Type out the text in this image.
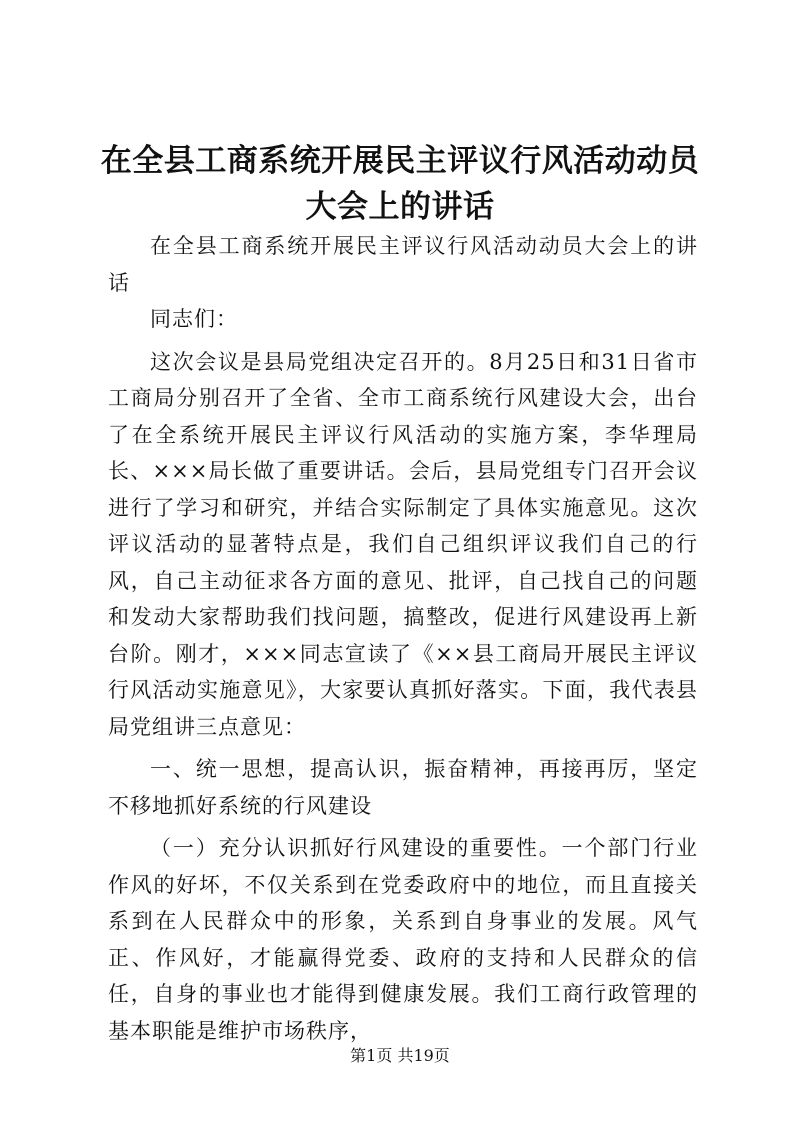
在全县工商系统开展民主评议行风活动动员大会上的讲话

在全县工商系统开展民主评议行风活动动员大会上的讲话

同志们：

这次会议是县局党组决定召开的。8月25日和31日省市工商局分别召开了全省、全市工商系统行风建设大会，出台了在全系统开展民主评议行风活动的实施方案，李华理局长、×××局长做了重要讲话。会后，县局党组专门召开会议进行了学习和研究，并结合实际制定了具体实施意见。这次评议活动的显著特点是，我们自己组织评议我们自己的行风，自己主动征求各方面的意见、批评，自己找自己的问题和发动大家帮助我们找问题，搞整改，促进行风建设再上新台阶。刚才，×××同志宣读了《××县工商局开展民主评议行风活动实施意见》，大家要认真抓好落实。下面，我代表县局党组讲三点意见：

一、统一思想，提高认识，振奋精神，再接再厉，坚定不移地抓好系统的行风建设

（一）充分认识抓好行风建设的重要性。一个部门行业作风的好坏，不仅关系到在党委政府中的地位，而且直接关系到在人民群众中的形象，关系到自身事业的发展。风气正、作风好，才能赢得党委、政府的支持和人民群众的信任，自身的事业也才能得到健康发展。我们工商行政管理的基本职能是维护市场秩序，

第1页 共19页
